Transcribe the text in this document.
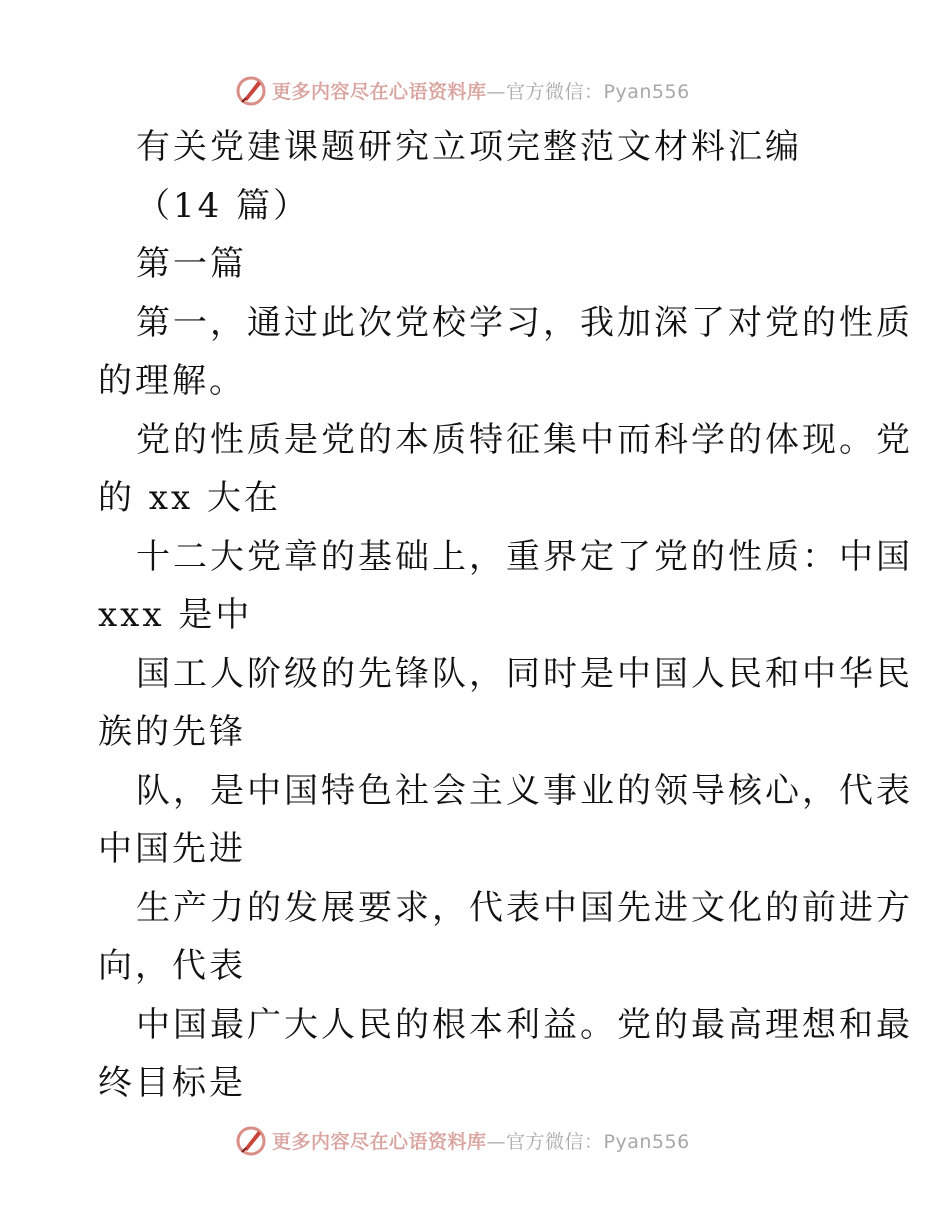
更多内容尽在心语资料库 —官方微信：Pyan556
有关党建课题研究立项完整范文材料汇编
（14 篇）
第一篇
第一，通过此次党校学习，我加深了对党的性质
的理解。
党的性质是党的本质特征集中而科学的体现。党
的 xx 大在
十二大党章的基础上，重界定了党的性质：中国
xxx 是中
国工人阶级的先锋队，同时是中国人民和中华民
族的先锋
队，是中国特色社会主义事业的领导核心，代表
中国先进
生产力的发展要求，代表中国先进文化的前进方
向，代表
中国最广大人民的根本利益。党的最高理想和最
终目标是
更多内容尽在心语资料库 —官方微信：Pyan556
